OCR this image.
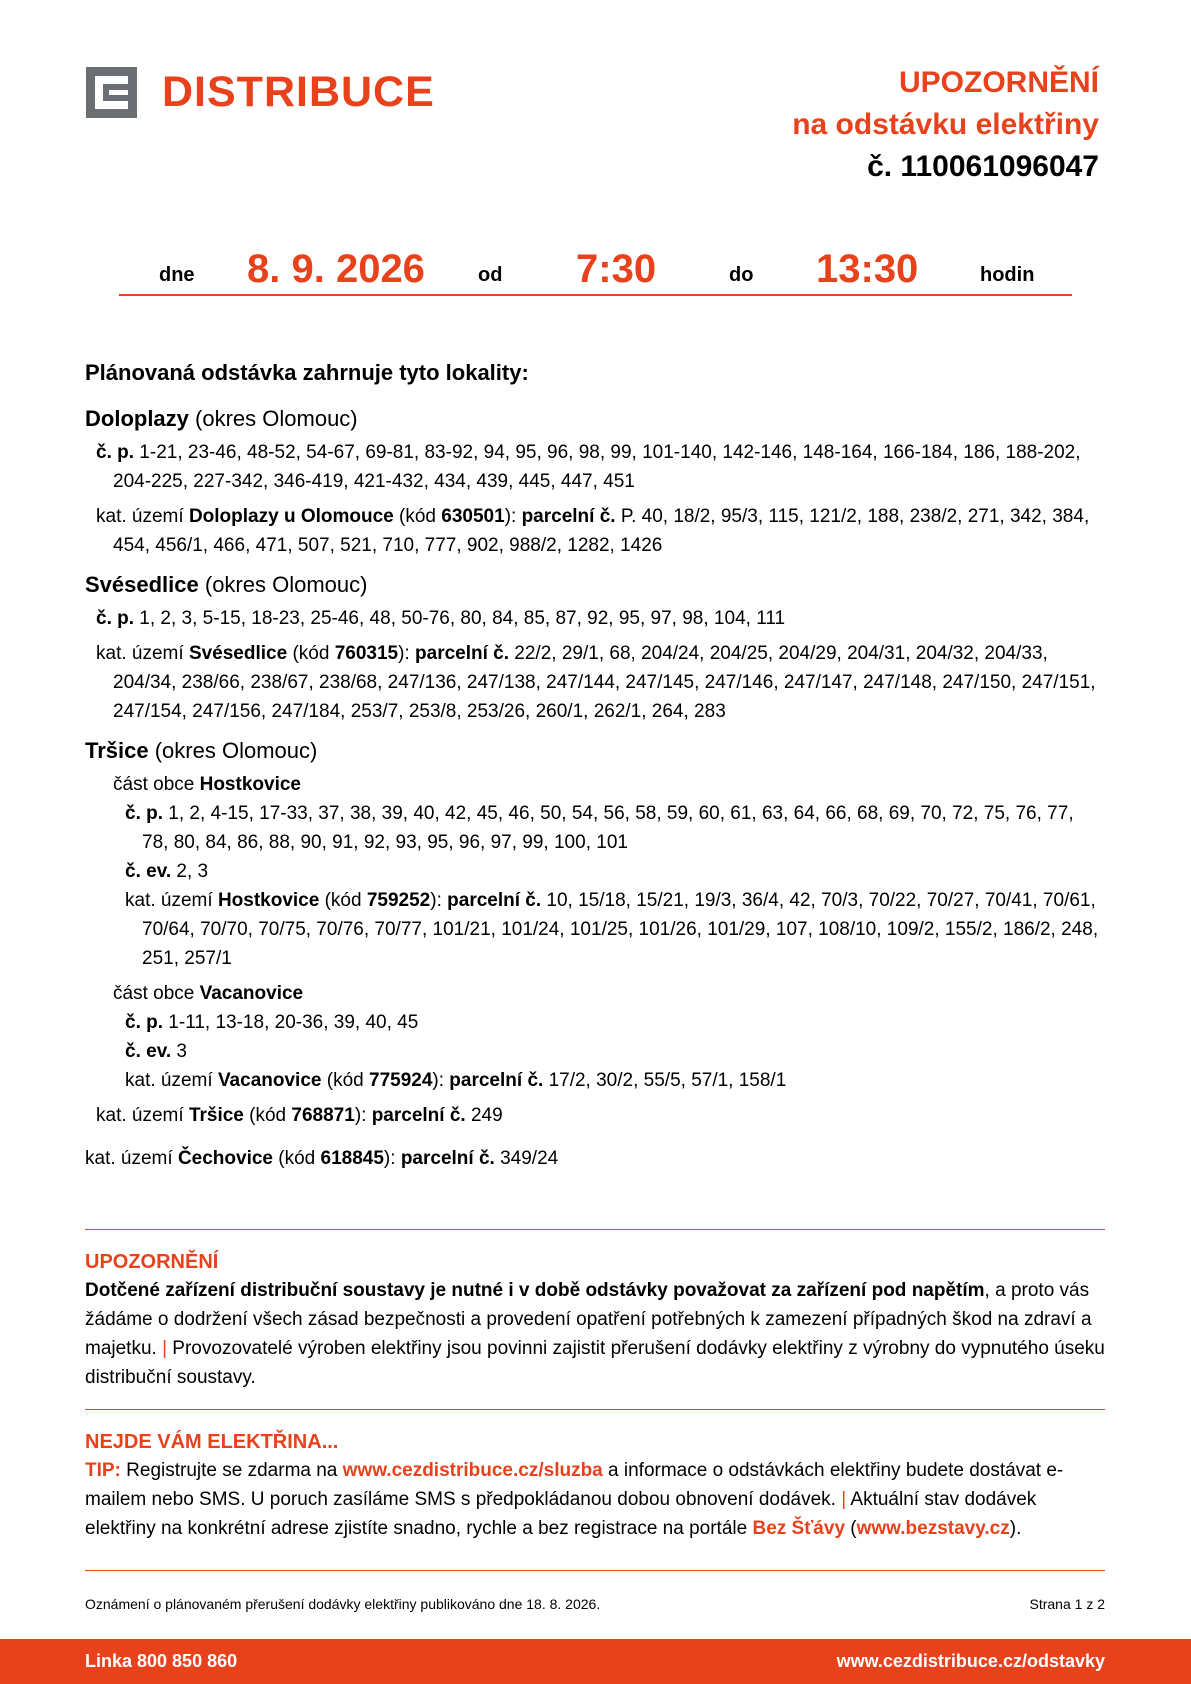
DISTRIBUCE	UPOZORNĚNÍ
na odstávku elektřiny
č. 110061096047
dne 8. 9. 2026	od 7:30	do 13:30	hodin

Plánovaná odstávka zahrnuje tyto lokality:

Doloplazy (okres Olomouc)

č. p. 1-21, 23-46, 48-52, 54-67, 69-81, 83-92, 94, 95, 96, 98, 99, 101-140, 142-146, 148-164, 166-184, 186, 188-202, 204-225, 227-342, 346-419, 421-432, 434, 439, 445, 447, 451

kat. území Doloplazy u Olomouce (kód 630501): parcelní č. P. 40, 18/2, 95/3, 115, 121/2, 188, 238/2, 271, 342, 384, 454, 456/1, 466, 471, 507, 521, 710, 777, 902, 988/2, 1282, 1426

Svésedlice (okres Olomouc)

č. p. 1, 2, 3, 5-15, 18-23, 25-46, 48, 50-76, 80, 84, 85, 87, 92, 95, 97, 98, 104, 111

kat. území Svésedlice (kód 760315): parcelní č. 22/2, 29/1, 68, 204/24, 204/25, 204/29, 204/31, 204/32, 204/33, 204/34, 238/66, 238/67, 238/68, 247/136, 247/138, 247/144, 247/145, 247/146, 247/147, 247/148, 247/150, 247/151, 247/154, 247/156, 247/184, 253/7, 253/8, 253/26, 260/1, 262/1, 264, 283

Tršice (okres Olomouc)

část obce Hostkovice

č. p. 1, 2, 4-15, 17-33, 37, 38, 39, 40, 42, 45, 46, 50, 54, 56, 58, 59, 60, 61, 63, 64, 66, 68, 69, 70, 72, 75, 76, 77, 78, 80, 84, 86, 88, 90, 91, 92, 93, 95, 96, 97, 99, 100, 101

č. ev. 2, 3

kat. území Hostkovice (kód 759252): parcelní č. 10, 15/18, 15/21, 19/3, 36/4, 42, 70/3, 70/22, 70/27, 70/41, 70/61, 70/64, 70/70, 70/75, 70/76, 70/77, 101/21, 101/24, 101/25, 101/26, 101/29, 107, 108/10, 109/2, 155/2, 186/2, 248, 251, 257/1

část obce Vacanovice

č. p. 1-11, 13-18, 20-36, 39, 40, 45

č. ev. 3

kat. území Vacanovice (kód 775924): parcelní č. 17/2, 30/2, 55/5, 57/1, 158/1

kat. území Tršice (kód 768871): parcelní č. 249

kat. území Čechovice (kód 618845): parcelní č. 349/24

UPOZORNĚNÍ

Dotčené zařízení distribuční soustavy je nutné i v době odstávky považovat za zařízení pod napětím, a proto vás žádáme o dodržení všech zásad bezpečnosti a provedení opatření potřebných k zamezení případných škod na zdraví a majetku. | Provozovatelé výroben elektřiny jsou povinni zajistit přerušení dodávky elektřiny z výrobny do vypnutého úseku distribuční soustavy.

NEJDE VÁM ELEKTŘINA...

TIP: Registrujte se zdarma na www.cezdistribuce.cz/sluzba a informace o odstávkách elektřiny budete dostávat e-mailem nebo SMS. U poruch zasíláme SMS s předpokládanou dobou obnovení dodávek. | Aktuální stav dodávek elektřiny na konkrétní adrese zjistíte snadno, rychle a bez registrace na portále Bez Šťávy (www.bezstavy.cz).

Oznámení o plánovaném přerušení dodávky elektřiny publikováno dne 18. 8. 2026.	Strana 1 z 2
Linka 800 850 860	www.cezdistribuce.cz/odstavky
